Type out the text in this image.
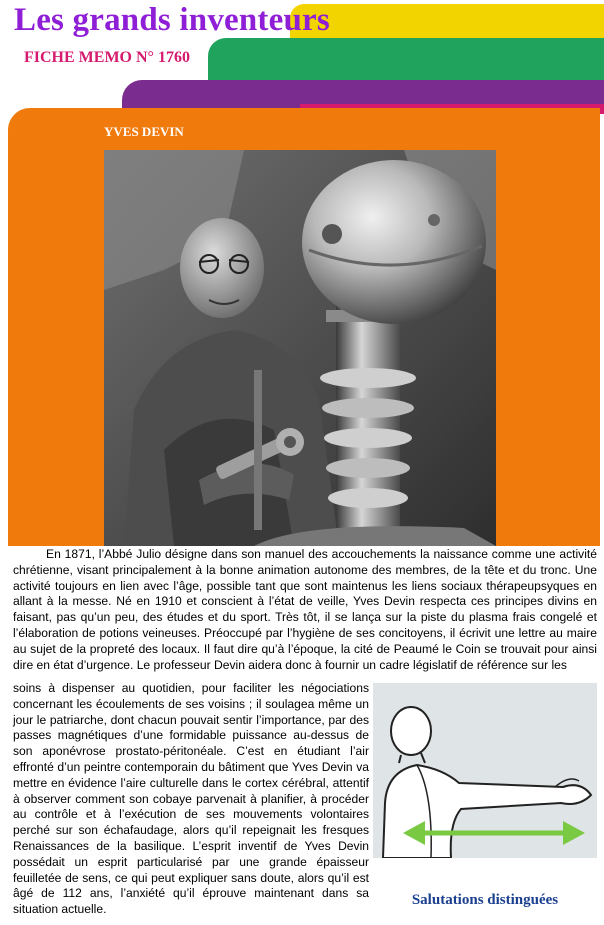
Les grands inventeurs
FICHE MEMO N° 1760
YVES DEVIN

En 1871, l’Abbé Julio désigne dans son manuel des accouchements la naissance comme une activité chrétienne, visant principalement à la bonne animation autonome des membres, de la tête et du tronc. Une activité toujours en lien avec l’âge, possible tant que sont maintenus les liens sociaux thérapeupsyques en allant à la messe. Né en 1910 et conscient à l’état de veille, Yves Devin respecta ces principes divins en faisant, pas qu’un peu, des études et du sport. Très tôt, il se lança sur la piste du plasma frais congelé et l’élaboration de potions veineuses. Préoccupé par l’hygiène de ses concitoyens, il écrivit une lettre au maire au sujet de la propreté des locaux. Il faut dire qu’à l’époque, la cité de Peaumé le Coin se trouvait pour ainsi dire en état d’urgence. Le professeur Devin aidera donc à fournir un cadre législatif de référence sur les

soins à dispenser au quotidien, pour faciliter les négociations concernant les écoulements de ses voisins ; il soulagea même un jour le patriarche, dont chacun pouvait sentir l’importance, par des passes magnétiques d’une formidable puissance au-dessus de son aponévrose prostato-péritonéale. C’est en étudiant l’air effronté d’un peintre contemporain du bâtiment que Yves Devin va mettre en évidence l’aire culturelle dans le cortex cérébral, attentif à observer comment son cobaye parvenait à planifier, à procéder au contrôle et à l’exécution de ses mouvements volontaires perché sur son échafaudage, alors qu’il repeignait les fresques Renaissances de la basilique. L’esprit inventif de Yves Devin possédait un esprit particularisé par une grande épaisseur feuilletée de sens, ce qui peut expliquer sans doute, alors qu’il est âgé de 112 ans, l’anxiété qu’il éprouve maintenant dans sa situation actuelle.

Salutations distinguées
